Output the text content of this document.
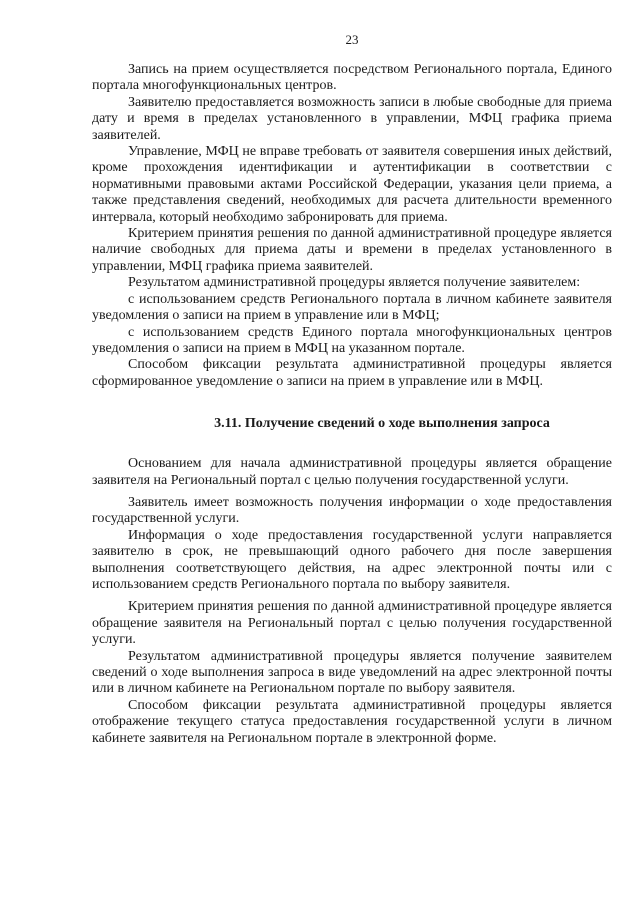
23

Запись на прием осуществляется посредством Регионального портала, Единого портала многофункциональных центров.

Заявителю предоставляется возможность записи в любые свободные для приема дату и время в пределах установленного в управлении, МФЦ графика приема заявителей.

Управление, МФЦ не вправе требовать от заявителя совершения иных действий, кроме прохождения идентификации и аутентификации в соответствии с нормативными правовыми актами Российской Федерации, указания цели приема, а также представления сведений, необходимых для расчета длительности временного интервала, который необходимо забронировать для приема.

Критерием принятия решения по данной административной процедуре является наличие свободных для приема даты и времени в пределах установленного в управлении, МФЦ графика приема заявителей.

Результатом административной процедуры является получение заявителем:

с использованием средств Регионального портала в личном кабинете заявителя уведомления о записи на прием в управление или в МФЦ;

с использованием средств Единого портала многофункциональных центров уведомления о записи на прием в МФЦ на указанном портале.

Способом фиксации результата административной процедуры является сформированное уведомление о записи на прием в управление или в МФЦ.

3.11. Получение сведений о ходе выполнения запроса

Основанием для начала административной процедуры является обращение заявителя на Региональный портал с целью получения государственной услуги.

Заявитель имеет возможность получения информации о ходе предоставления государственной услуги.

Информация о ходе предоставления государственной услуги направляется заявителю в срок, не превышающий одного рабочего дня после завершения выполнения соответствующего действия, на адрес электронной почты или с использованием средств Регионального портала по выбору заявителя.

Критерием принятия решения по данной административной процедуре является обращение заявителя на Региональный портал с целью получения государственной услуги.

Результатом административной процедуры является получение заявителем сведений о ходе выполнения запроса в виде уведомлений на адрес электронной почты или в личном кабинете на Региональном портале по выбору заявителя.

Способом фиксации результата административной процедуры является отображение текущего статуса предоставления государственной услуги в личном кабинете заявителя на Региональном портале в электронной форме.
